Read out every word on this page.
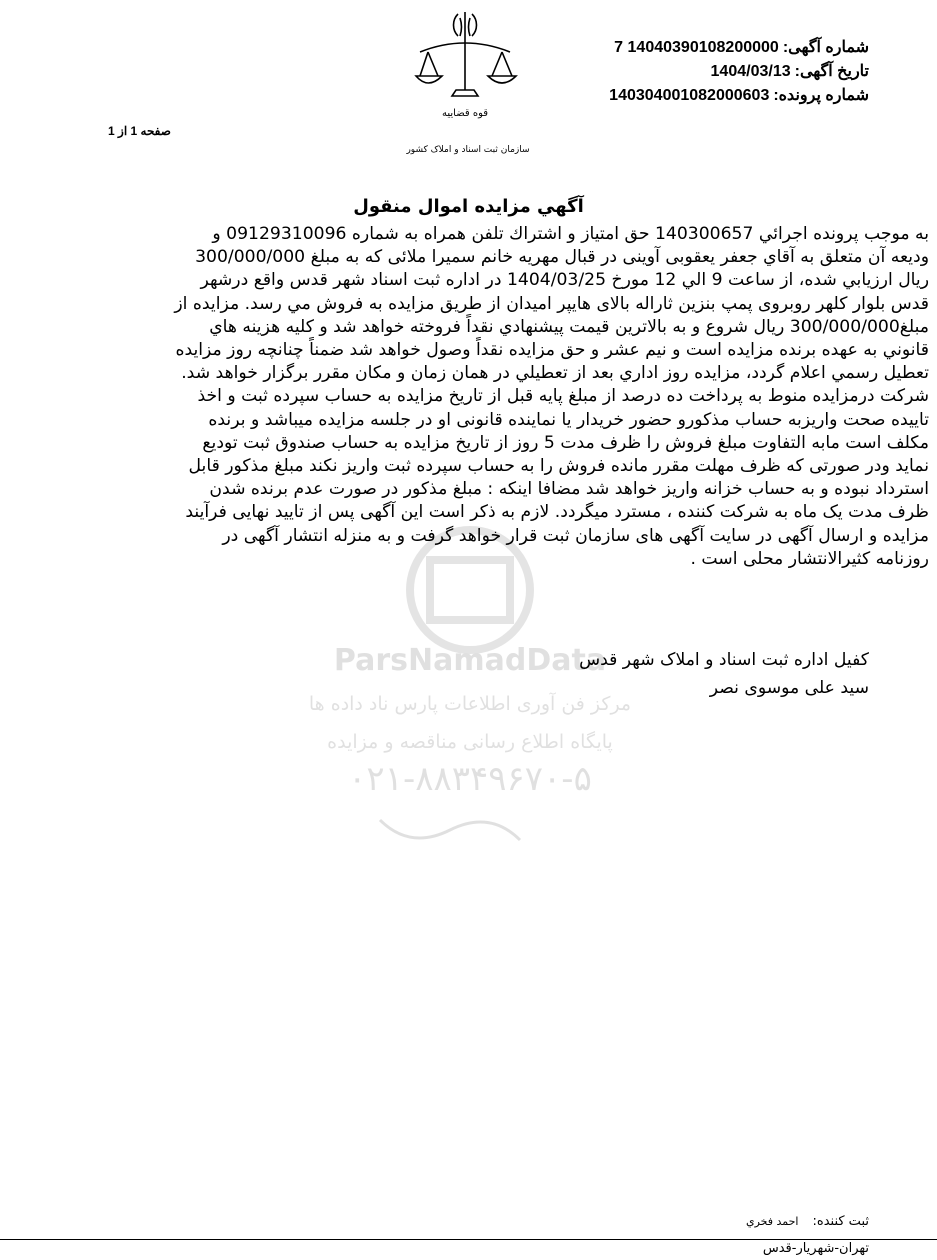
شماره آگهی:14040390108200000 7
تاریخ آگهی:1404/03/13
شماره پرونده:140304001082000603
صفحه 1 از 1
قوه قضاییه
سازمان ثبت اسناد و املاک کشور
ParsNamadData
مرکز فن آوری اطلاعات پارس ناد داده ها
پایگاه اطلاع رسانی مناقصه و مزایده
۰۲۱-۸۸۳۴۹۶۷۰-۵
آگهي مزايده اموال منقول
به موجب پرونده اجرائي 140300657 حق امتياز و اشتراك تلفن همراه به شماره 09129310096 و
وديعه آن متعلق به آقاي جعفر يعقوبی آوينی در قبال مهريه خانم سميرا ملائی که به مبلغ 300/000/000
ريال ارزيابي شده، از ساعت 9 الي 12 مورخ 1404/03/25 در اداره ثبت اسناد شهر قدس واقع درشهر
قدس بلوار کلهر روبروی پمپ بنزين ثاراله بالای هايپر اميدان از طريق مزايده به فروش مي رسد. مزايده از
مبلغ300/000/000 ريال شروع و به بالاترين قيمت پيشنهادي نقداً فروخته خواهد شد و کليه هزينه هاي
قانوني به عهده برنده مزايده است و نيم عشر و حق مزايده نقداً وصول خواهد شد ضمناً چنانچه روز مزايده
تعطيل رسمي اعلام گردد، مزايده روز اداري بعد از تعطيلي در همان زمان و مکان مقرر برگزار خواهد شد.
شرکت درمزايده منوط به پرداخت ده درصد از مبلغ پايه قبل از تاريخ مزايده به حساب سپرده ثبت و اخذ
تاييده صحت واريزبه حساب مذکورو حضور خريدار يا نماينده قانونی او در جلسه مزايده ميباشد و برنده
مکلف است مابه التفاوت مبلغ فروش را ظرف مدت 5 روز از تاريخ مزايده به حساب صندوق ثبت توديع
نمايد ودر صورتی که ظرف مهلت مقرر مانده فروش را به حساب سپرده ثبت واريز نکند مبلغ مذکور قابل
استرداد نبوده و به حساب خزانه واريز خواهد شد مضافا اينکه : مبلغ مذکور در صورت عدم برنده شدن
ظرف مدت يک ماه به شرکت کننده ، مسترد ميگردد. لازم به ذکر است اين آگهی پس از تاييد نهايی فرآيند
مزايده و ارسال آگهی در سايت آگهی های سازمان ثبت قرار خواهد گرفت و به منزله انتشار آگهی در
روزنامه کثيرالانتشار محلی است .
كفيل اداره ثبت اسناد و املاک شهر قدس
سيد علی موسوی نصر
ثبت کننده:احمد فخري
تهران-شهريار-قدس
